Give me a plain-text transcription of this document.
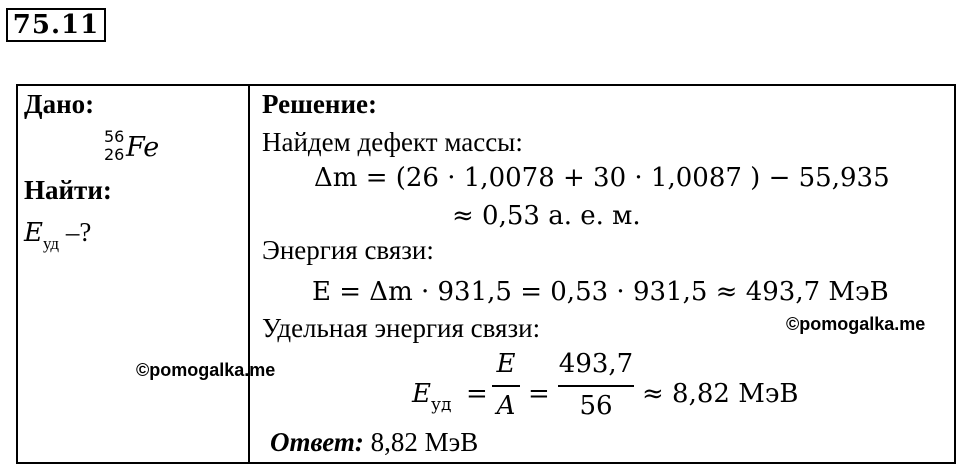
75.11
Дано:
56
26 Fe
Найти:
$E_{уд}$ –?
Решение:
Найдем дефект массы:
Δm = (26 · 1,0078 + 30 · 1,0087 ) − 55,935
≈ 0,53 а. е. м.
Энергия связи:
E = Δm · 931,5 = 0,53 · 931,5 ≈ 493,7 МэВ
Удельная энергия связи:
$E_{уд}$ =
E
A =
493,7
56	≈ 8,82 МэВ
Ответ: 8,82 МэВ
©pomogalka.me
©pomogalka.me
